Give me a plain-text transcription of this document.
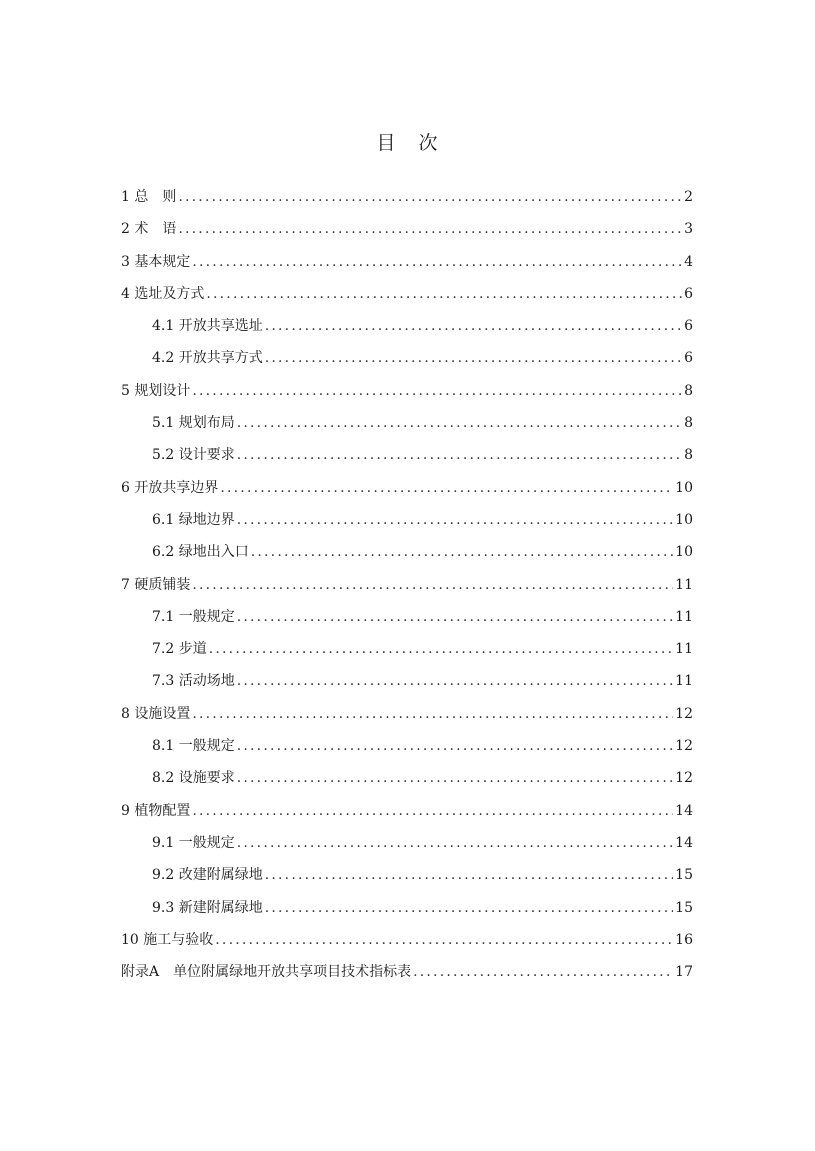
目 次
1 总　则 .....	2
2 术　语 .....	3
3 基本规定 .....	4
4 选址及方式 .....	6
4.1 开放共享选址 .....	6
4.2 开放共享方式 .....	6
5 规划设计 .....	8
5.1 规划布局 .....	8
5.2 设计要求 .....	8
6 开放共享边界 .....	10
6.1 绿地边界 .....	10
6.2 绿地出入口 .....	10
7 硬质铺装 .....	11
7.1 一般规定 .....	11
7.2 步道 .....	11
7.3 活动场地 .....	11
8 设施设置 .....	12
8.1 一般规定 .....	12
8.2 设施要求 .....	12
9 植物配置 .....	14
9.1 一般规定 .....	14
9.2 改建附属绿地 .....	15
9.3 新建附属绿地 .....	15
10 施工与验收 .....	16
附录A　单位附属绿地开放共享项目技术指标表 .....	17
